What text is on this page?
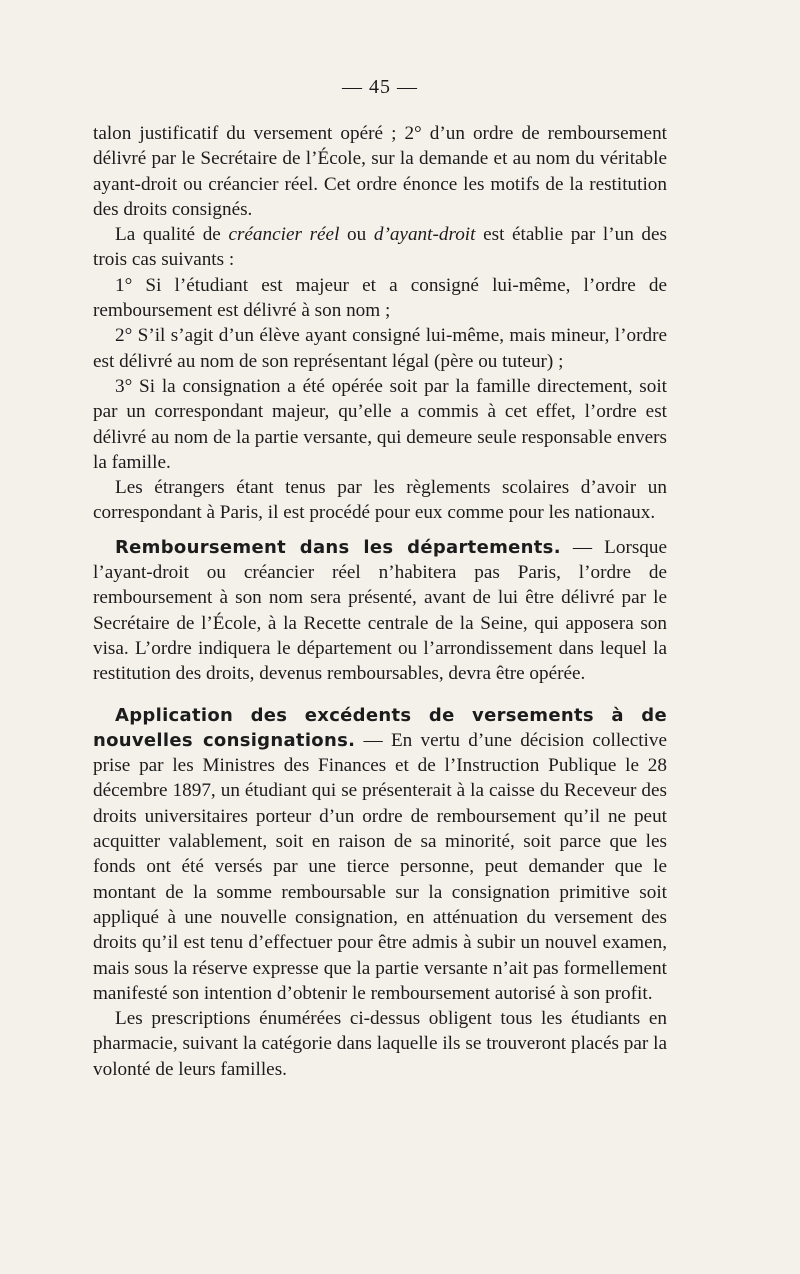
— 45 —

talon justificatif du versement opéré ; 2° d’un ordre de remboursement délivré par le Secrétaire de l’École, sur la demande et au nom du véritable ayant-droit ou créancier réel. Cet ordre énonce les motifs de la restitution des droits consignés.

La qualité de créancier réel ou d’ayant-droit est établie par l’un des trois cas suivants :

1° Si l’étudiant est majeur et a consigné lui-même, l’ordre de remboursement est délivré à son nom ;

2° S’il s’agit d’un élève ayant consigné lui-même, mais mineur, l’ordre est délivré au nom de son représentant légal (père ou tuteur) ;

3° Si la consignation a été opérée soit par la famille directement, soit par un correspondant majeur, qu’elle a commis à cet effet, l’ordre est délivré au nom de la partie versante, qui demeure seule responsable envers la famille.

Les étrangers étant tenus par les règlements scolaires d’avoir un correspondant à Paris, il est procédé pour eux comme pour les nationaux.

Remboursement dans les départements. — Lorsque l’ayant-droit ou créancier réel n’habitera pas Paris, l’ordre de remboursement à son nom sera présenté, avant de lui être délivré par le Secrétaire de l’École, à la Recette centrale de la Seine, qui apposera son visa. L’ordre indiquera le département ou l’arrondissement dans lequel la restitution des droits, devenus remboursables, devra être opérée.

Application des excédents de versements à de nouvelles consignations. — En vertu d’une décision collective prise par les Ministres des Finances et de l’Instruction Publique le 28 décembre 1897, un étudiant qui se présenterait à la caisse du Receveur des droits universitaires porteur d’un ordre de remboursement qu’il ne peut acquitter valablement, soit en raison de sa minorité, soit parce que les fonds ont été versés par une tierce personne, peut demander que le montant de la somme remboursable sur la consignation primitive soit appliqué à une nouvelle consignation, en atténuation du versement des droits qu’il est tenu d’effectuer pour être admis à subir un nouvel examen, mais sous la réserve expresse que la partie versante n’ait pas formellement manifesté son intention d’obtenir le remboursement autorisé à son profit.

Les prescriptions énumérées ci-dessus obligent tous les étudiants en pharmacie, suivant la catégorie dans laquelle ils se trouveront placés par la volonté de leurs familles.
